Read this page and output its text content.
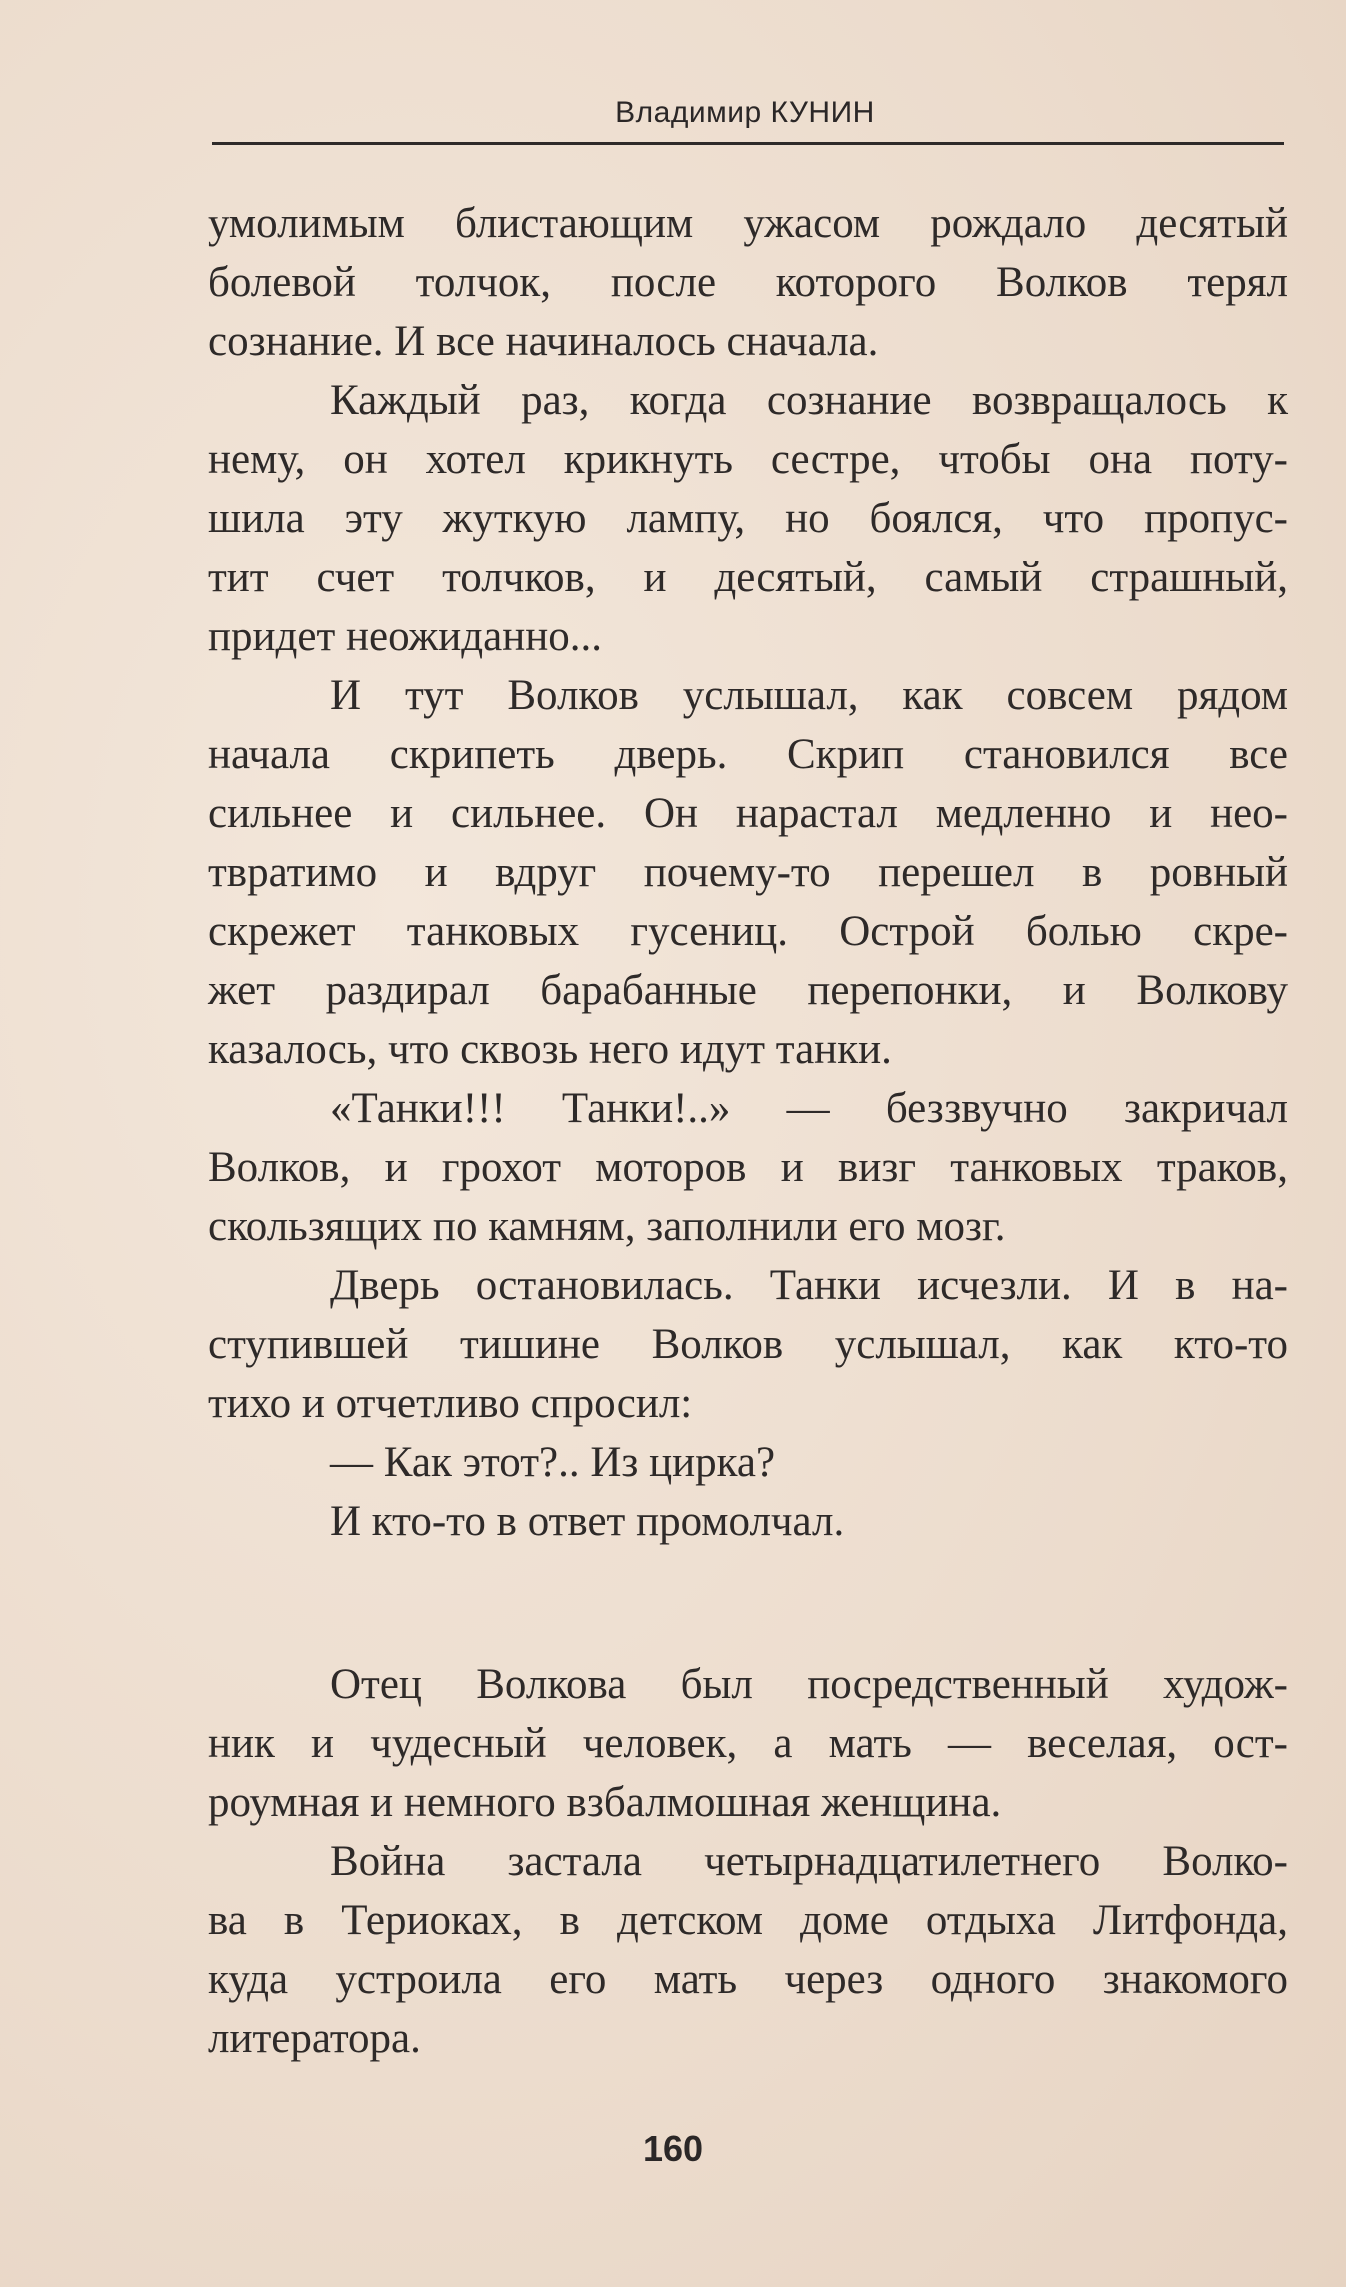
Владимир КУНИН
умолимым блистающим ужасом рождало десятый
болевой толчок, после которого Волков терял
сознание. И все начиналось сначала.
Каждый раз, когда сознание возвращалось к
нему, он хотел крикнуть сестре, чтобы она поту-
шила эту жуткую лампу, но боялся, что пропус-
тит счет толчков, и десятый, самый страшный,
придет неожиданно...
И тут Волков услышал, как совсем рядом
начала скрипеть дверь. Скрип становился все
сильнее и сильнее. Он нарастал медленно и нео-
твратимо и вдруг почему-то перешел в ровный
скрежет танковых гусениц. Острой болью скре-
жет раздирал барабанные перепонки, и Волкову
казалось, что сквозь него идут танки.
«Танки!!! Танки!..» — беззвучно закричал
Волков, и грохот моторов и визг танковых траков,
скользящих по камням, заполнили его мозг.
Дверь остановилась. Танки исчезли. И в на-
ступившей тишине Волков услышал, как кто-то
тихо и отчетливо спросил:
— Как этот?.. Из цирка?
И кто-то в ответ промолчал.
Отец Волкова был посредственный худож-
ник и чудесный человек, а мать — веселая, ост-
роумная и немного взбалмошная женщина.
Война застала четырнадцатилетнего Волко-
ва в Териоках, в детском доме отдыха Литфонда,
куда устроила его мать через одного знакомого
литератора.
160
